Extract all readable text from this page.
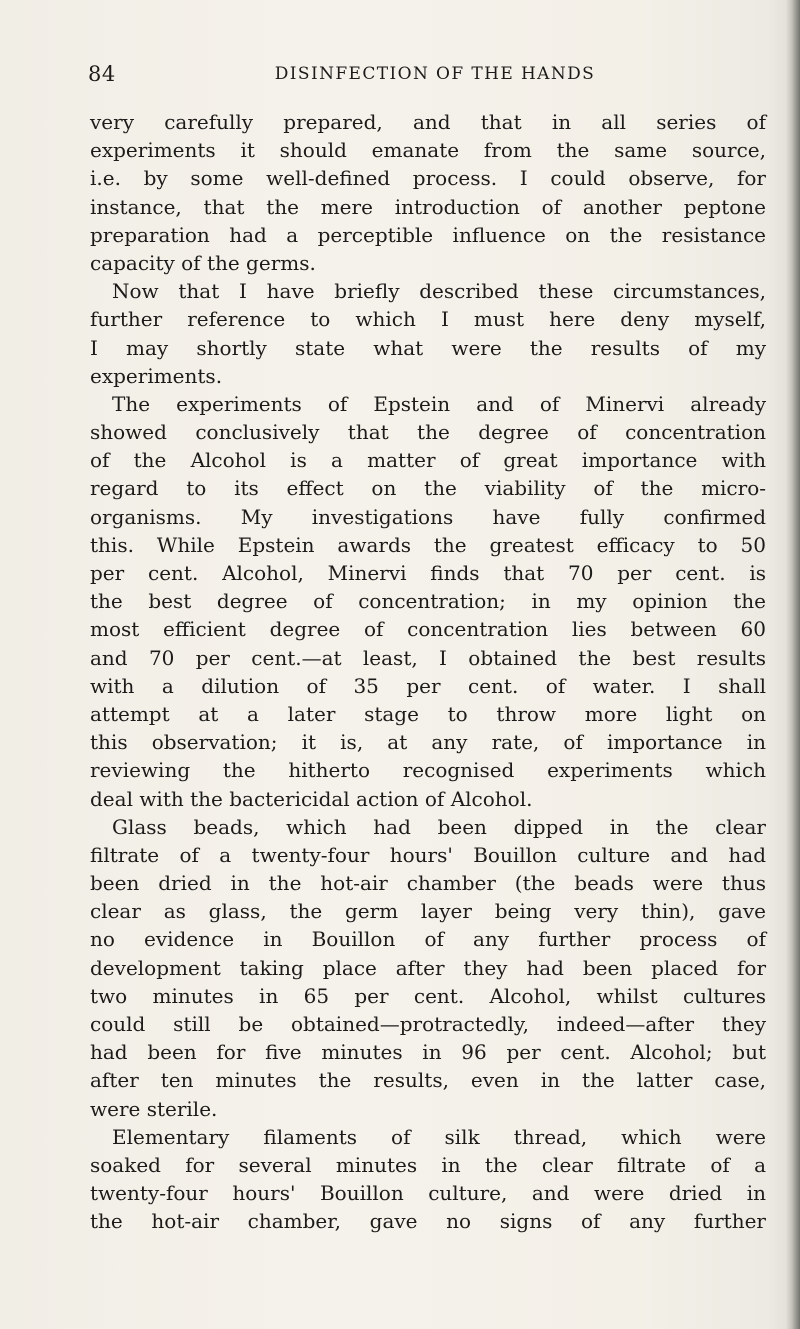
84	DISINFECTION OF THE HANDS
very carefully prepared, and that in all series of
experiments it should emanate from the same source,
i.e. by some well-defined process. I could observe, for
instance, that the mere introduction of another peptone
preparation had a perceptible influence on the resistance
capacity of the germs.
Now that I have briefly described these circumstances,
further reference to which I must here deny myself,
I may shortly state what were the results of my
experiments.
The experiments of Epstein and of Minervi already
showed conclusively that the degree of concentration
of the Alcohol is a matter of great importance with
regard to its effect on the viability of the micro-
organisms. My investigations have fully confirmed
this. While Epstein awards the greatest efficacy to 50
per cent. Alcohol, Minervi finds that 70 per cent. is
the best degree of concentration; in my opinion the
most efficient degree of concentration lies between 60
and 70 per cent.—at least, I obtained the best results
with a dilution of 35 per cent. of water. I shall
attempt at a later stage to throw more light on
this observation; it is, at any rate, of importance in
reviewing the hitherto recognised experiments which
deal with the bactericidal action of Alcohol.
Glass beads, which had been dipped in the clear
filtrate of a twenty-four hours' Bouillon culture and had
been dried in the hot-air chamber (the beads were thus
clear as glass, the germ layer being very thin), gave
no evidence in Bouillon of any further process of
development taking place after they had been placed for
two minutes in 65 per cent. Alcohol, whilst cultures
could still be obtained—protractedly, indeed—after they
had been for five minutes in 96 per cent. Alcohol; but
after ten minutes the results, even in the latter case,
were sterile.
Elementary filaments of silk thread, which were
soaked for several minutes in the clear filtrate of a
twenty-four hours' Bouillon culture, and were dried in
the hot-air chamber, gave no signs of any further
